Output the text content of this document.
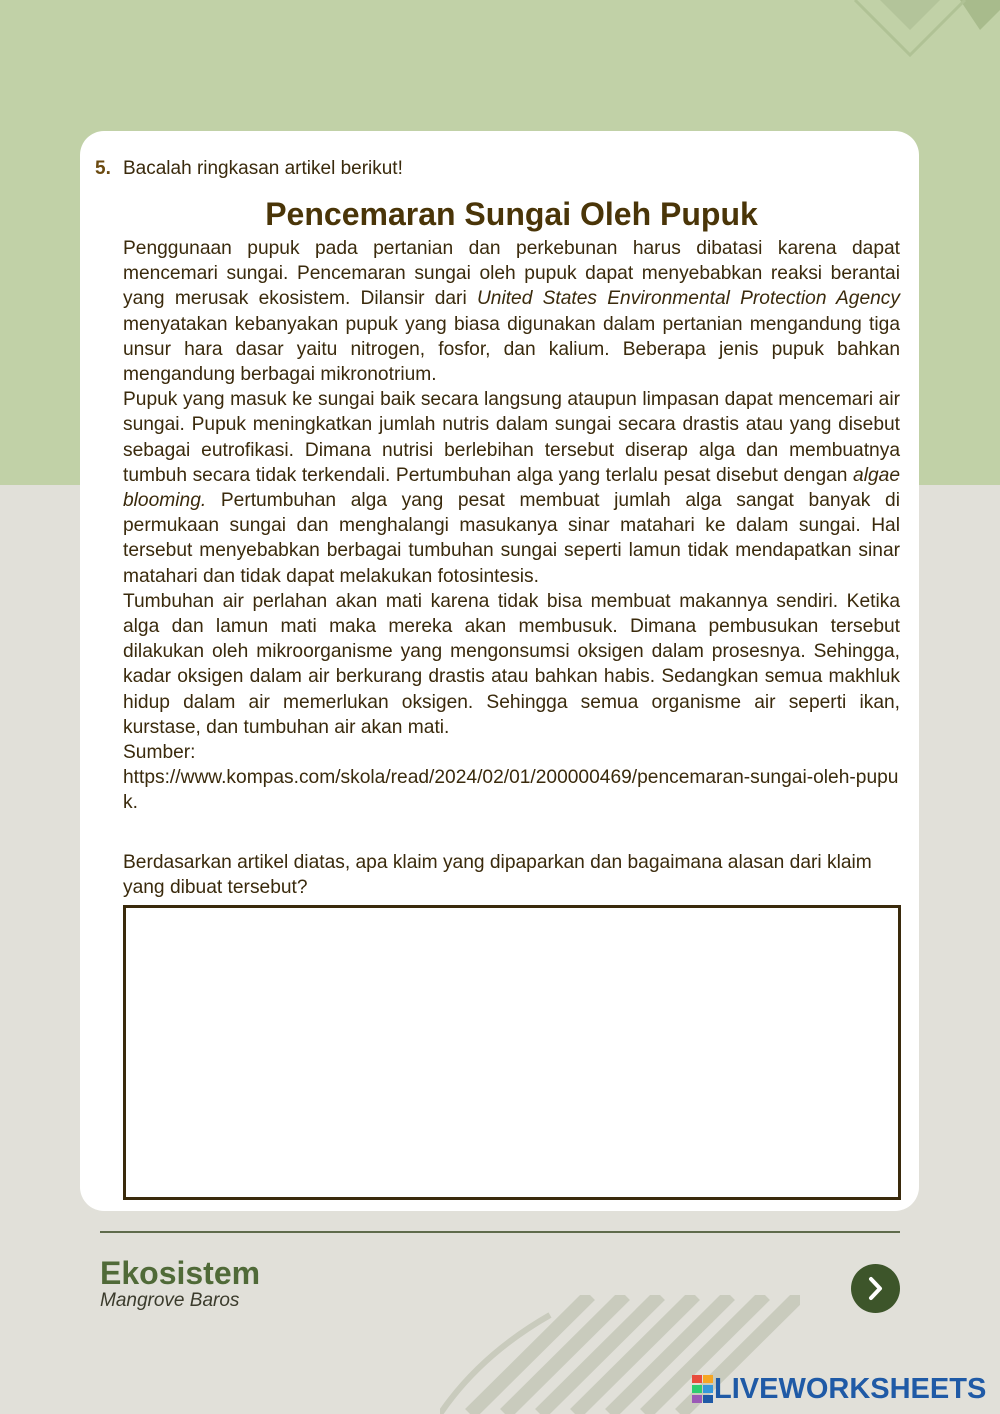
5. Bacalah ringkasan artikel berikut!
Pencemaran Sungai Oleh Pupuk

Penggunaan pupuk pada pertanian dan perkebunan harus dibatasi karena dapat mencemari sungai. Pencemaran sungai oleh pupuk dapat menyebabkan reaksi berantai yang merusak ekosistem. Dilansir dari United States Environmental Protection Agency menyatakan kebanyakan pupuk yang biasa digunakan dalam pertanian mengandung tiga unsur hara dasar yaitu nitrogen, fosfor, dan kalium. Beberapa jenis pupuk bahkan mengandung berbagai mikronotrium.

Pupuk yang masuk ke sungai baik secara langsung ataupun limpasan dapat mencemari air sungai. Pupuk meningkatkan jumlah nutris dalam sungai secara drastis atau yang disebut sebagai eutrofikasi. Dimana nutrisi berlebihan tersebut diserap alga dan membuatnya tumbuh secara tidak terkendali. Pertumbuhan alga yang terlalu pesat disebut dengan algae blooming. Pertumbuhan alga yang pesat membuat jumlah alga sangat banyak di permukaan sungai dan menghalangi masukanya sinar matahari ke dalam sungai. Hal tersebut menyebabkan berbagai tumbuhan sungai seperti lamun tidak mendapatkan sinar matahari dan tidak dapat melakukan fotosintesis.

Tumbuhan air perlahan akan mati karena tidak bisa membuat makannya sendiri. Ketika alga dan lamun mati maka mereka akan membusuk. Dimana pembusukan tersebut dilakukan oleh mikroorganisme yang mengonsumsi oksigen dalam prosesnya. Sehingga, kadar oksigen dalam air berkurang drastis atau bahkan habis. Sedangkan semua makhluk hidup dalam air memerlukan oksigen. Sehingga semua organisme air seperti ikan, kurstase, dan tumbuhan air akan mati.

Sumber:

https://www.kompas.com/skola/read/2024/02/01/200000469/pencemaran-sungai-oleh-pupuk.

Berdasarkan artikel diatas, apa klaim yang dipaparkan dan bagaimana alasan dari klaim yang dibuat tersebut?

Ekosistem
Mangrove Baros
LIVEWORKSHEETS
